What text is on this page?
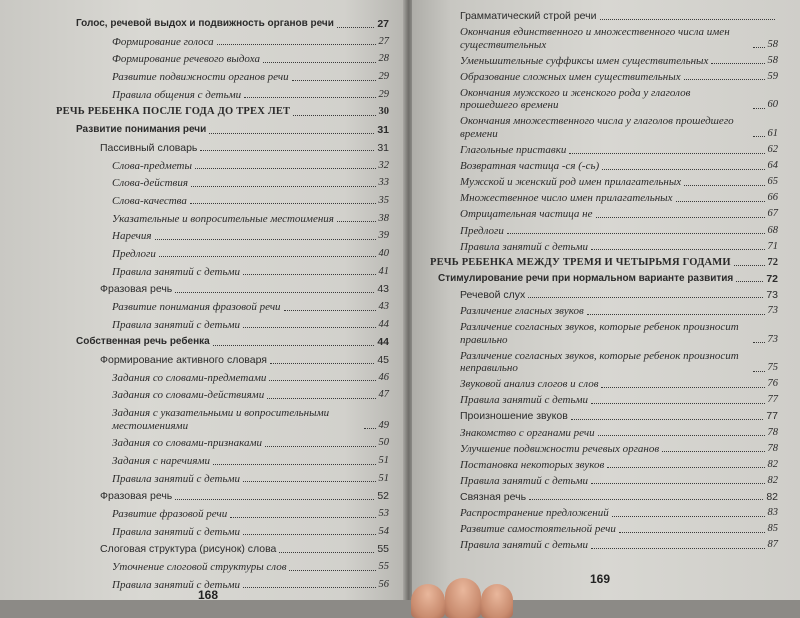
Голос, речевой выдох и подвижность органов речи	27
Формирование голоса	27
Формирование речевого выдоха	28
Развитие подвижности органов речи	29
Правила общения с детьми	29
РЕЧЬ РЕБЕНКА ПОСЛЕ ГОДА ДО ТРЕХ ЛЕТ	30
Развитие понимания речи	31
Пассивный словарь	31
Слова-предметы	32
Слова-действия	33
Слова-качества	35
Указательные и вопросительные местоимения	38
Наречия	39
Предлоги	40
Правила занятий с детьми	41
Фразовая речь	43
Развитие понимания фразовой речи	43
Правила занятий с детьми	44
Собственная речь ребенка	44
Формирование активного словаря	45
Задания со словами-предметами	46
Задания со словами-действиями	47
Задания с указательными и вопросительными местоимениями	49
Задания со словами-признаками	50
Задания с наречиями	51
Правила занятий с детьми	51
Фразовая речь	52
Развитие фразовой речи	53
Правила занятий с детьми	54
Слоговая структура (рисунок) слова	55
Уточнение слоговой структуры слов	55
Правила занятий с детьми	56
168
Грамматический строй речи
Окончания единственного и множественного числа имен существительных	58
Уменьшительные суффиксы имен существительных	58
Образование сложных имен существительных	59
Окончания мужского и женского рода у глаголов прошедшего времени	60
Окончания множественного числа у глаголов прошедшего времени	61
Глагольные приставки	62
Возвратная частица -ся (-сь)	64
Мужской и женский род имен прилагательных	65
Множественное число имен прилагательных	66
Отрицательная частица не	67
Предлоги	68
Правила занятий с детьми	71
РЕЧЬ РЕБЕНКА МЕЖДУ ТРЕМЯ И ЧЕТЫРЬМЯ ГОДАМИ	72
Стимулирование речи при нормальном варианте развития	72
Речевой слух	73
Различение гласных звуков	73
Различение согласных звуков, которые ребенок произносит правильно	73
Различение согласных звуков, которые ребенок произносит неправильно	75
Звуковой анализ слогов и слов	76
Правила занятий с детьми	77
Произношение звуков	77
Знакомство с органами речи	78
Улучшение подвижности речевых органов	78
Постановка некоторых звуков	82
Правила занятий с детьми	82
Связная речь	82
Распространение предложений	83
Развитие самостоятельной речи	85
Правила занятий с детьми	87
169
